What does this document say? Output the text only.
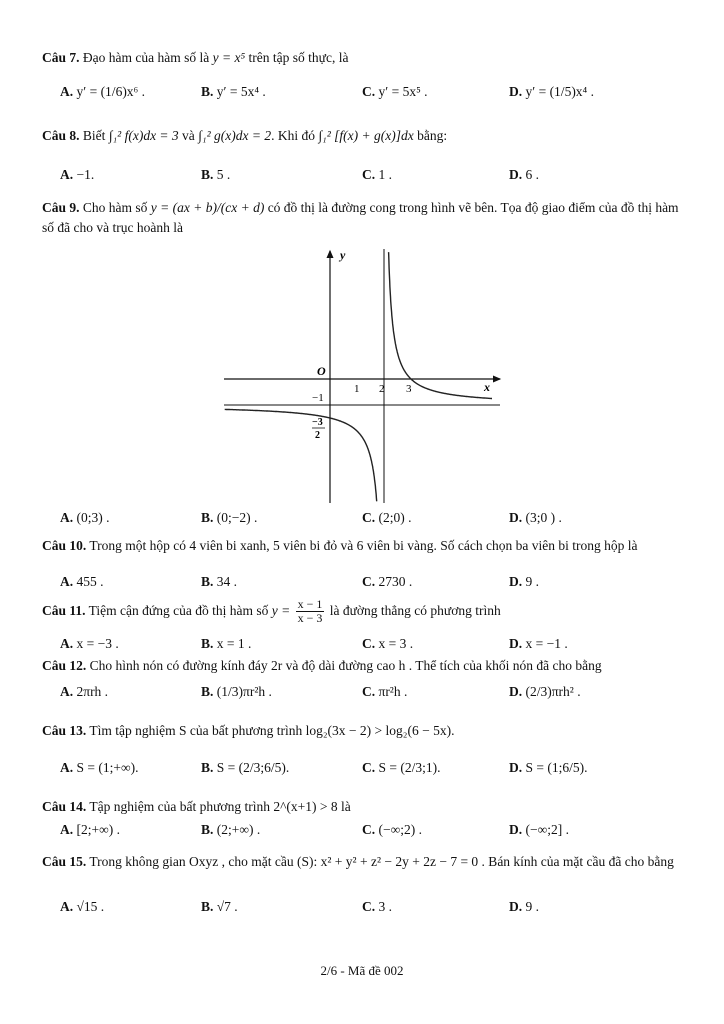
Câu 7. Đạo hàm của hàm số là y = x⁵ trên tập số thực, là
A. y′ = (1/6)x⁶ .	B. y′ = 5x⁴ .	C. y′ = 5x⁵ .	D. y′ = (1/5)x⁴ .
Câu 8. Biết ∫₁² f(x)dx = 3 và ∫₁² g(x)dx = 2. Khi đó ∫₁² [f(x) + g(x)]dx bằng:
A. −1.	B. 5 .	C. 1 .	D. 6 .
Câu 9. Cho hàm số y = (ax + b)/(cx + d) có đồ thị là đường cong trong hình vẽ bên. Tọa độ giao điểm của đồ thị hàm số đã cho và trục hoành là
y
x
O
1 2 3
−1
−3
2
A. (0;3) .	B. (0;−2) .	C. (2;0) .	D. (3;0 ) .
Câu 10. Trong một hộp có 4 viên bi xanh, 5 viên bi đỏ và 6 viên bi vàng. Số cách chọn ba viên bi trong hộp là
A. 455 .	B. 34 .	C. 2730 .	D. 9 .
Câu 11. Tiệm cận đứng của đồ thị hàm số $y = \frac{x - 1}{x - 3}$ là đường thẳng có phương trình
A. x = −3 .	B. x = 1 .	C. x = 3 .	D. x = −1 .
Câu 12. Cho hình nón có đường kính đáy 2r và độ dài đường cao h . Thể tích của khối nón đã cho bằng
A. 2πrh .	B. (1/3)πr²h .	C. πr²h .	D. (2/3)πrh² .
Câu 13. Tìm tập nghiệm S của bất phương trình log₂(3x − 2) > log₂(6 − 5x).
A. S = (1;+∞).	B. S = (2/3;6/5).	C. S = (2/3;1).	D. S = (1;6/5).
Câu 14. Tập nghiệm của bất phương trình 2^(x+1) > 8 là
A. [2;+∞) .	B. (2;+∞) .	C. (−∞;2) .	D. (−∞;2] .
Câu 15. Trong không gian Oxyz , cho mặt cầu (S): x² + y² + z² − 2y + 2z − 7 = 0 . Bán kính của mặt cầu đã cho bằng
A. √15 .	B. √7 .	C. 3 .	D. 9 .
2/6 - Mã đề 002
